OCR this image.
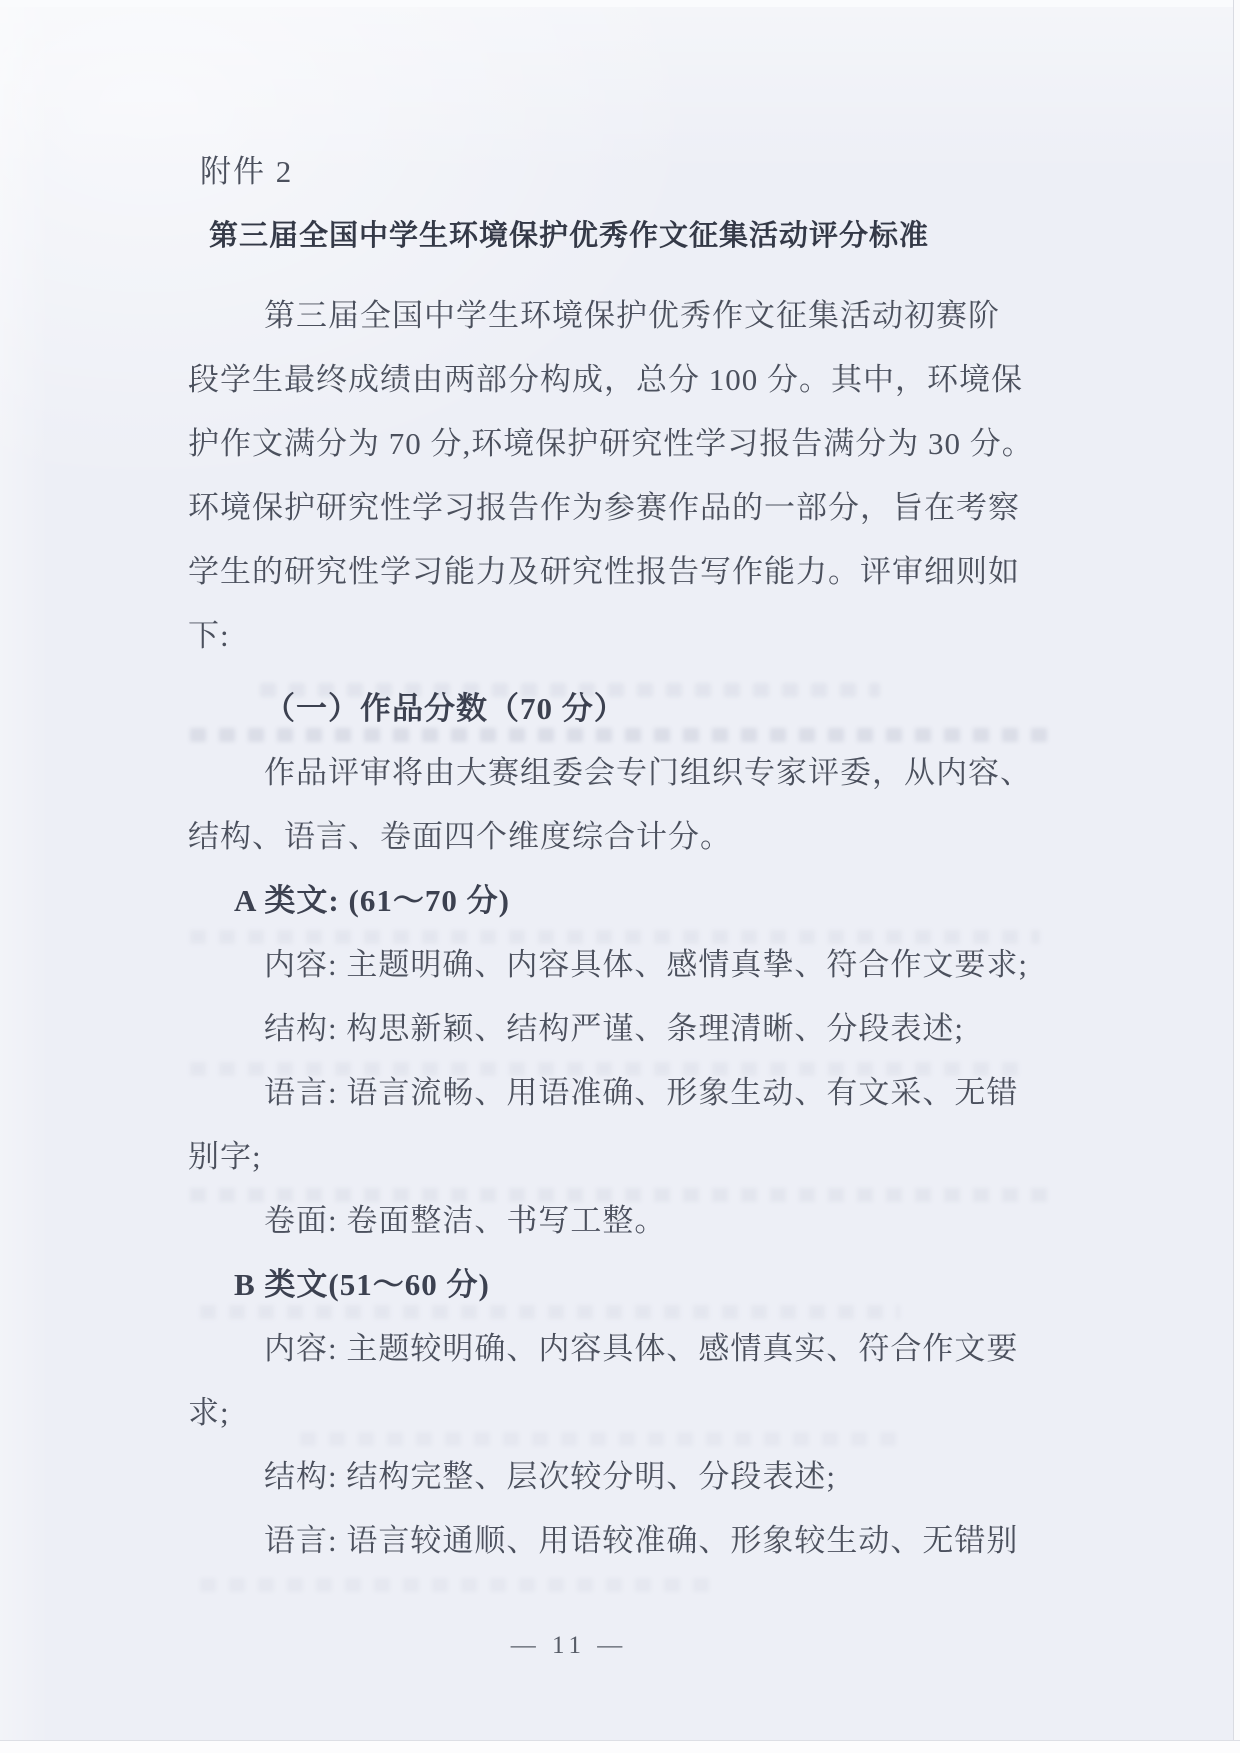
附件 2
第三届全国中学生环境保护优秀作文征集活动评分标准
第三届全国中学生环境保护优秀作文征集活动初赛阶
段学生最终成绩由两部分构成，总分 100 分。其中，环境保
护作文满分为 70 分,环境保护研究性学习报告满分为 30 分。
环境保护研究性学习报告作为参赛作品的一部分，旨在考察
学生的研究性学习能力及研究性报告写作能力。评审细则如
下:
（一）作品分数（70 分）
作品评审将由大赛组委会专门组织专家评委，从内容、
结构、语言、卷面四个维度综合计分。
A 类文: (61～70 分)
内容: 主题明确、内容具体、感情真挚、符合作文要求;
结构: 构思新颖、结构严谨、条理清晰、分段表述;
语言: 语言流畅、用语准确、形象生动、有文采、无错
别字;
卷面: 卷面整洁、书写工整。
B 类文(51～60 分)
内容: 主题较明确、内容具体、感情真实、符合作文要
求;
结构: 结构完整、层次较分明、分段表述;
语言: 语言较通顺、用语较准确、形象较生动、无错别
— 11 —
